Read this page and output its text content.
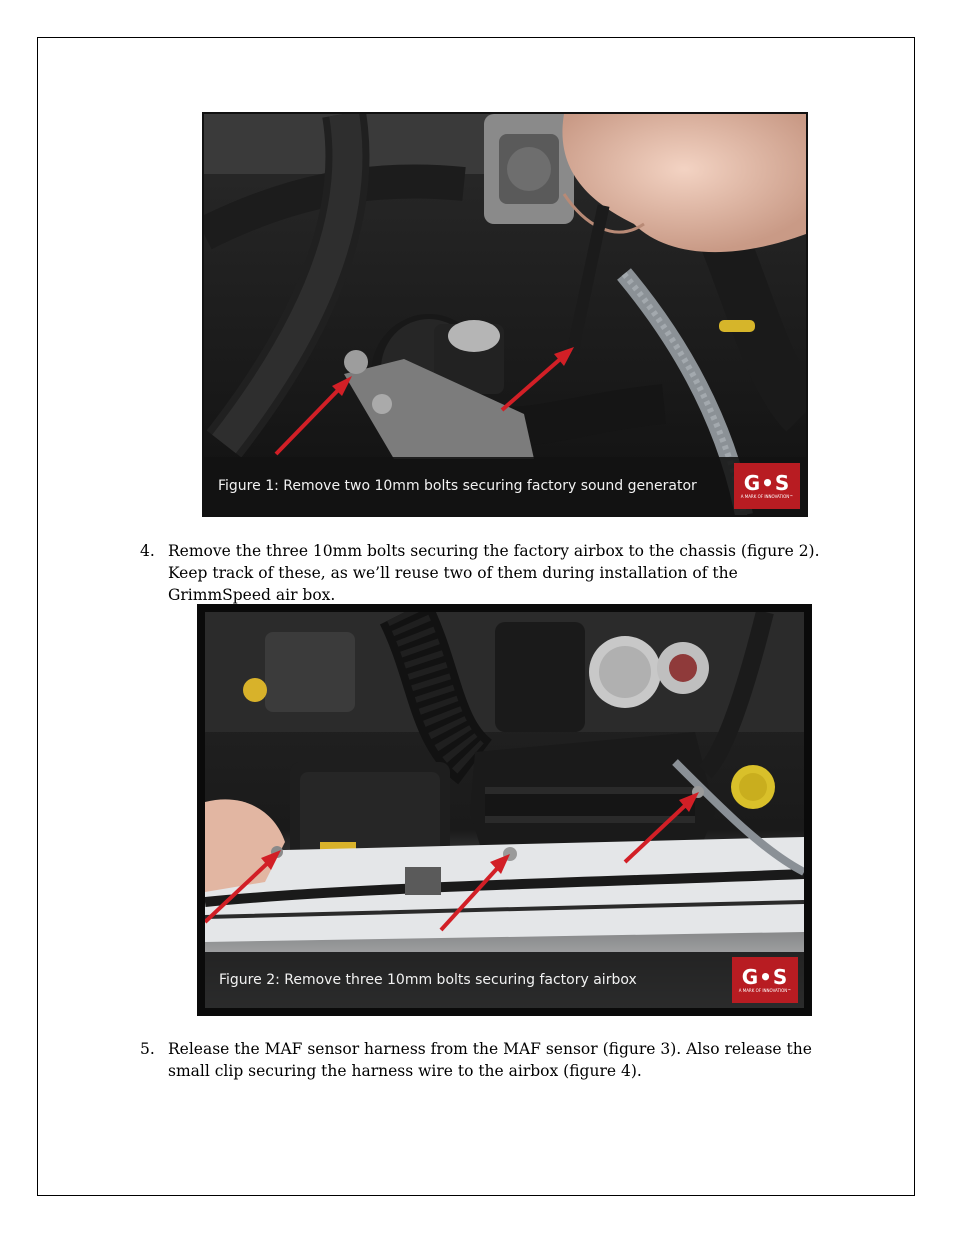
Figure 1: Remove two 10mm bolts securing factory sound generator	G•S
A MARK OF INNOVATION™
4. Remove the three 10mm bolts securing the factory airbox to the chassis (figure 2). Keep track of these, as we’ll reuse two of them during installation of the GrimmSpeed air box.
Figure 2: Remove three 10mm bolts securing factory airbox	G•S
A MARK OF INNOVATION™
5. Release the MAF sensor harness from the MAF sensor (figure 3). Also release the small clip securing the harness wire to the airbox (figure 4).
